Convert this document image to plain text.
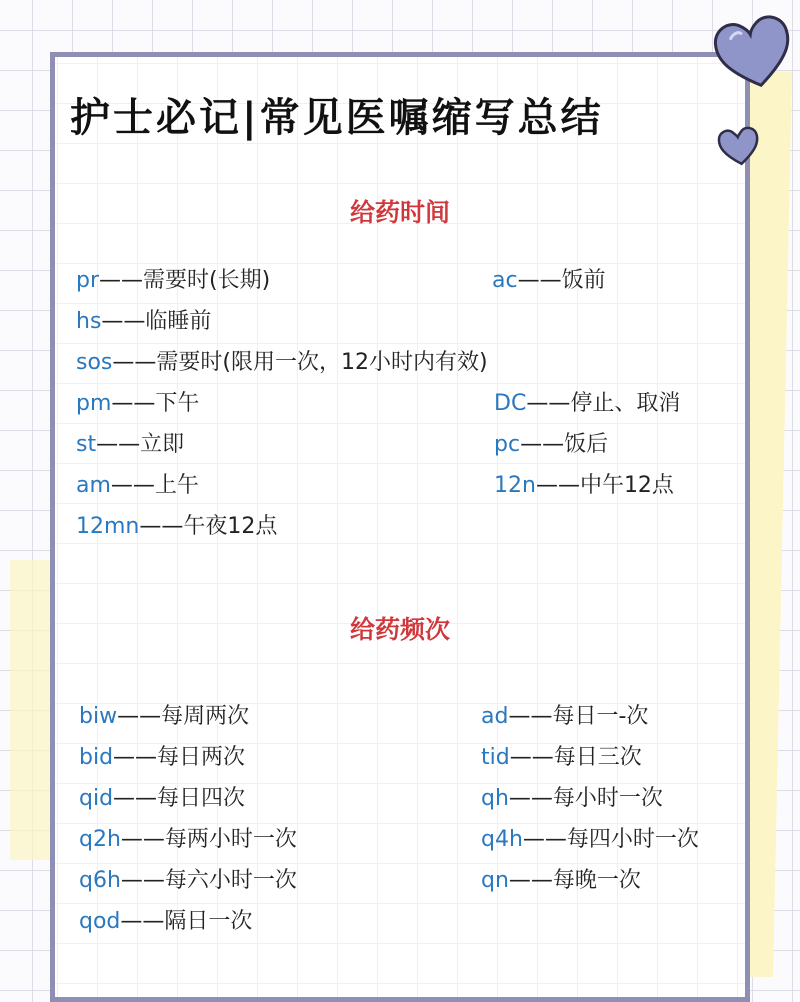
护士必记|常见医嘱缩写总结
给药时间
pr——需要时(长期)	ac——饭前
hs——临睡前
sos——需要时(限用一次，12小时内有效)
pm——下午	DC——停止、取消
st——立即	pc——饭后
am——上午	12n——中午12点
12mn——午夜12点
给药频次
biw——每周两次	ad——每日一-次
bid——每日两次	tid——每日三次
qid——每日四次	qh——每小时一次
q2h——每两小时一次	q4h——每四小时一次
q6h——每六小时一次	qn——每晚一次
qod——隔日一次
